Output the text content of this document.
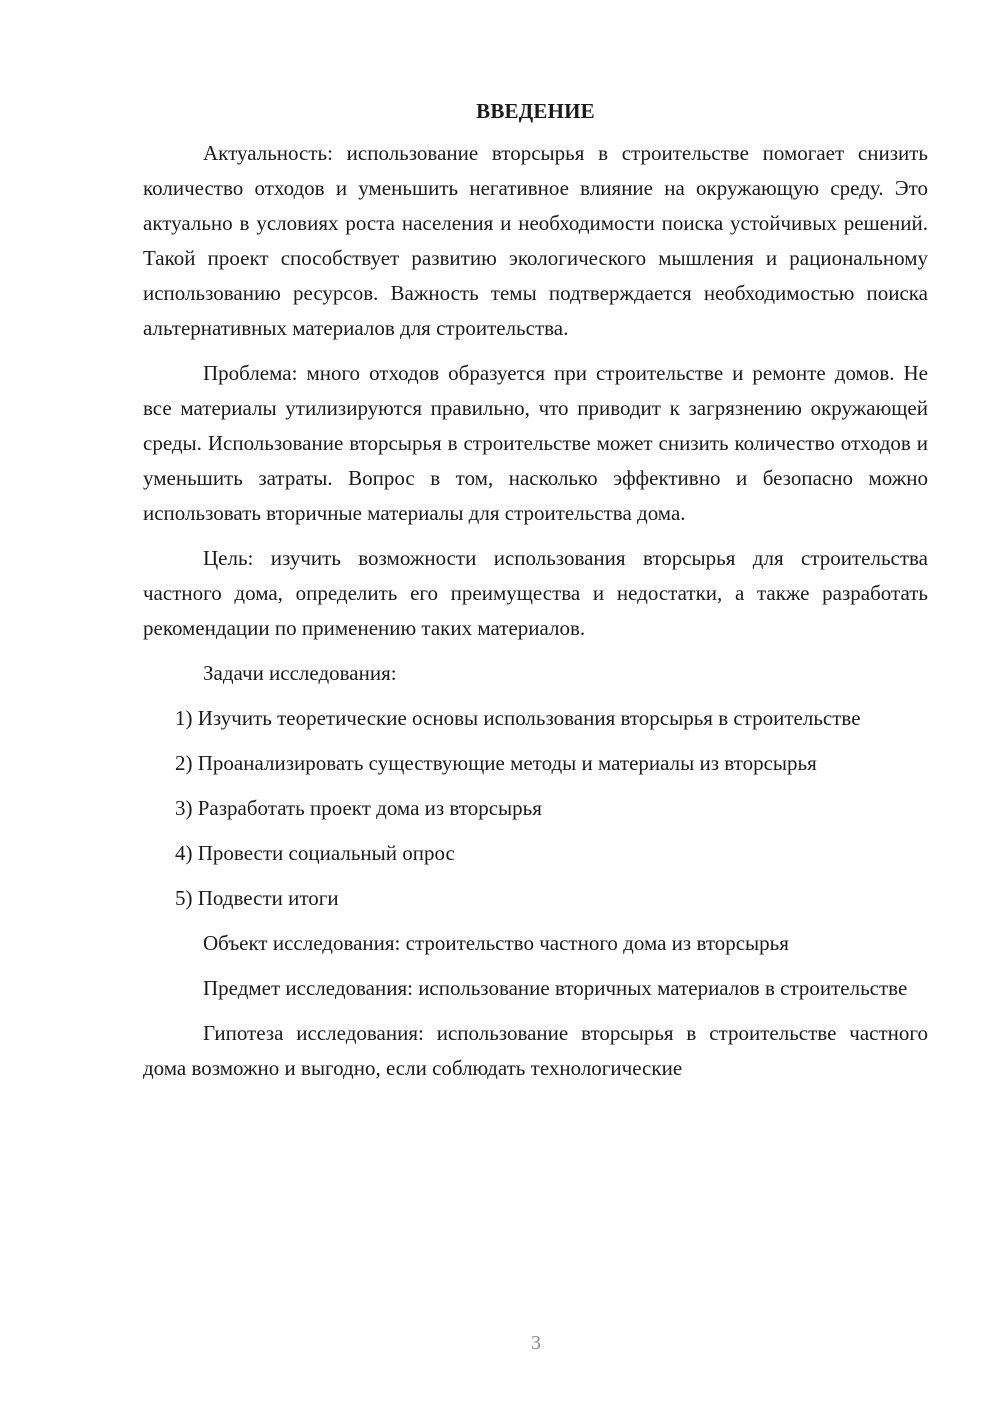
ВВЕДЕНИЕ

Актуальность: использование вторсырья в строительстве помогает снизить количество отходов и уменьшить негативное влияние на окружающую среду. Это актуально в условиях роста населения и необходимости поиска устойчивых решений. Такой проект способствует развитию экологического мышления и рациональному использованию ресурсов. Важность темы подтверждается необходимостью поиска альтернативных материалов для строительства.

Проблема: много отходов образуется при строительстве и ремонте домов. Не все материалы утилизируются правильно, что приводит к загрязнению окружающей среды. Использование вторсырья в строительстве может снизить количество отходов и уменьшить затраты. Вопрос в том, насколько эффективно и безопасно можно использовать вторичные материалы для строительства дома.

Цель: изучить возможности использования вторсырья для строительства частного дома, определить его преимущества и недостатки, а также разработать рекомендации по применению таких материалов.

Задачи исследования:

1) Изучить теоретические основы использования вторсырья в строительстве

2) Проанализировать существующие методы и материалы из вторсырья

3) Разработать проект дома из вторсырья

4) Провести социальный опрос

5) Подвести итоги

Объект исследования: строительство частного дома из вторсырья

Предмет исследования: использование вторичных материалов в строительстве

Гипотеза исследования: использование вторсырья в строительстве частного дома возможно и выгодно, если соблюдать технологические

3
